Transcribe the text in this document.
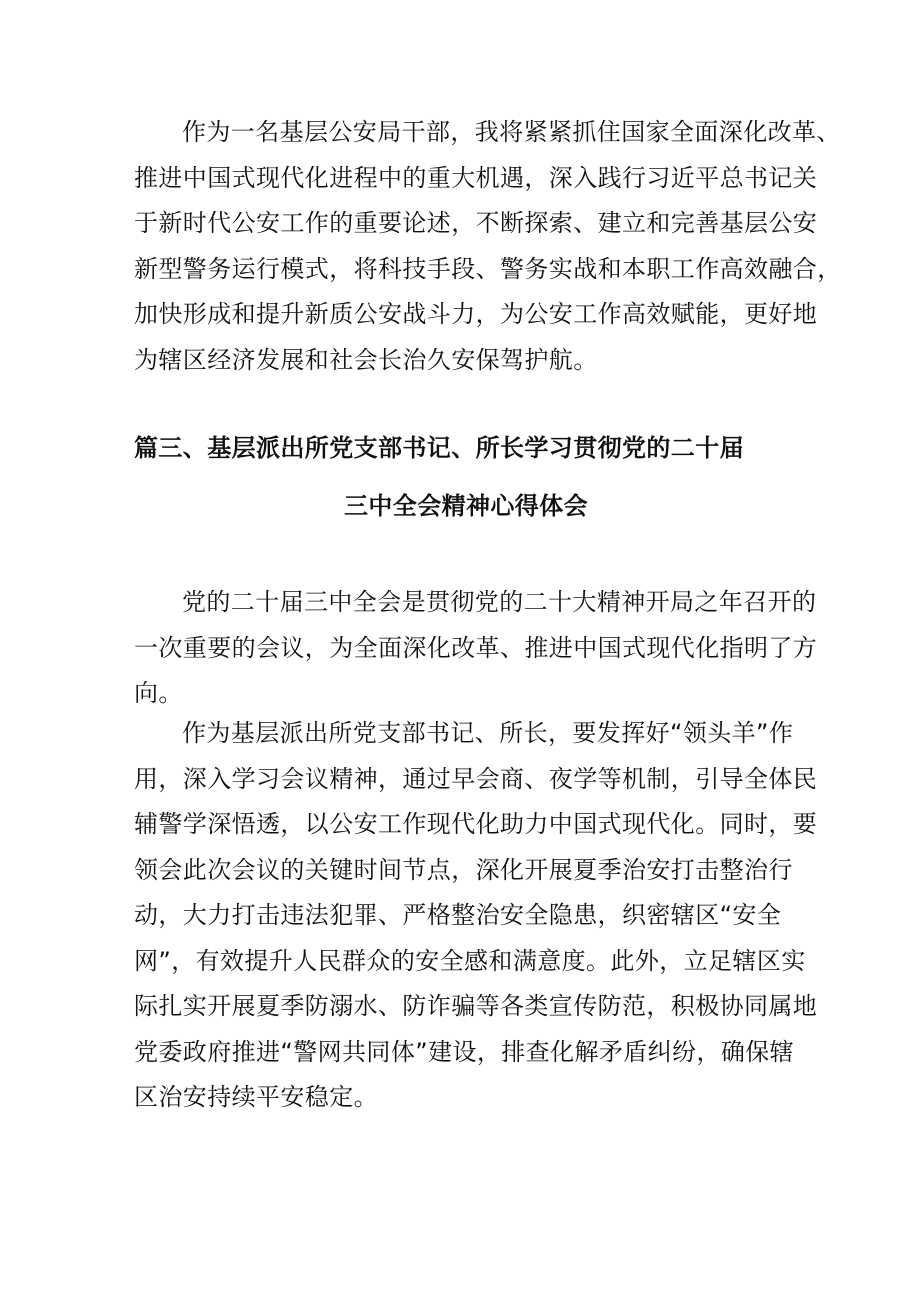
作为一名基层公安局干部，我将紧紧抓住国家全面深化改革、
推进中国式现代化进程中的重大机遇，深入践行习近平总书记关
于新时代公安工作的重要论述，不断探索、建立和完善基层公安
新型警务运行模式，将科技手段、警务实战和本职工作高效融合，
加快形成和提升新质公安战斗力，为公安工作高效赋能，更好地
为辖区经济发展和社会长治久安保驾护航。
篇三、基层派出所党支部书记、所长学习贯彻党的二十届
三中全会精神心得体会
党的二十届三中全会是贯彻党的二十大精神开局之年召开的
一次重要的会议，为全面深化改革、推进中国式现代化指明了方
向。
作为基层派出所党支部书记、所长，要发挥好“领头羊”作
用，深入学习会议精神，通过早会商、夜学等机制，引导全体民
辅警学深悟透，以公安工作现代化助力中国式现代化。同时，要
领会此次会议的关键时间节点，深化开展夏季治安打击整治行
动，大力打击违法犯罪、严格整治安全隐患，织密辖区“安全
网”，有效提升人民群众的安全感和满意度。此外，立足辖区实
际扎实开展夏季防溺水、防诈骗等各类宣传防范，积极协同属地
党委政府推进“警网共同体”建设，排查化解矛盾纠纷，确保辖
区治安持续平安稳定。
